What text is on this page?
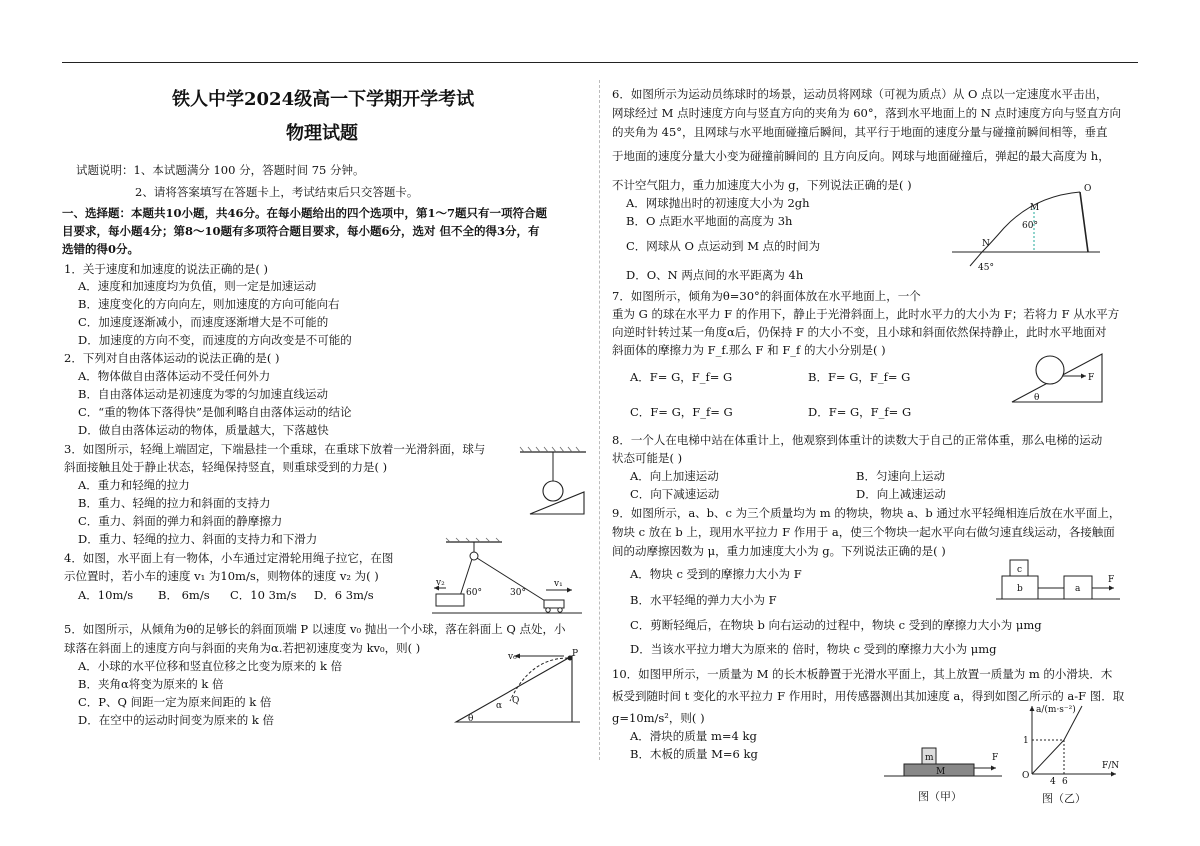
铁人中学2024级高一下学期开学考试
物理试题
试题说明：1、本试题满分 100 分，答题时间 75 分钟。
2、请将答案填写在答题卡上，考试结束后只交答题卡。
一、选择题：本题共10小题，共46分。在每小题给出的四个选项中，第1～7题只有一项符合题
目要求，每小题4分；第8～10题有多项符合题目要求，每小题6分，选对 但不全的得3分，有
选错的得0分。
1．关于速度和加速度的说法正确的是( )
A．速度和加速度均为负值，则一定是加速运动
B．速度变化的方向向左，则加速度的方向可能向右
C．加速度逐渐减小，而速度逐渐增大是不可能的
D．加速度的方向不变，而速度的方向改变是不可能的
2．下列对自由落体运动的说法正确的是( )
A．物体做自由落体运动不受任何外力
B．自由落体运动是初速度为零的匀加速直线运动
C．“重的物体下落得快”是伽利略自由落体运动的结论
D．做自由落体运动的物体，质量越大，下落越快
3．如图所示，轻绳上端固定，下端悬挂一个重球，在重球下放着一光滑斜面，球与
斜面接触且处于静止状态，轻绳保持竖直，则重球受到的力是( )
A．重力和轻绳的拉力
B．重力、轻绳的拉力和斜面的支持力
C．重力、斜面的弹力和斜面的静摩擦力
D．重力、轻绳的拉力、斜面的支持力和下滑力
4．如图，水平面上有一物体，小车通过定滑轮用绳子拉它，在图
示位置时，若小车的速度 v₁ 为10m/s，则物体的速度 v₂ 为( )
A．10m/s B． 6m/s C．10 3m/s D．6 3m/s
v₂	v₁
60°	30°
5．如图所示，从倾角为θ的足够长的斜面顶端 P 以速度 v₀ 抛出一个小球，落在斜面上 Q 点处，小
球落在斜面上的速度方向与斜面的夹角为α.若把初速度变为 kv₀，则( )
A．小球的水平位移和竖直位移之比变为原来的 k 倍
B．夹角α将变为原来的 k 倍
C．P、Q 间距一定为原来间距的 k 倍
D．在空中的运动时间变为原来的 k 倍
v₀	P
Q
α
θ
6．如图所示为运动员练球时的场景，运动员将网球（可视为质点）从 O 点以一定速度水平击出，
网球经过 M 点时速度方向与竖直方向的夹角为 60°，落到水平地面上的 N 点时速度方向与竖直方向
的夹角为 45°，且网球与水平地面碰撞后瞬间，其平行于地面的速度分量与碰撞前瞬间相等，垂直
于地面的速度分量大小变为碰撞前瞬间的 且方向反向。网球与地面碰撞后，弹起的最大高度为 h，
不计空气阻力，重力加速度大小为 g，下列说法正确的是( )
A．网球抛出时的初速度大小为 2gh
B．O 点距水平地面的高度为 3h
C．网球从 O 点运动到 M 点的时间为
D．O、N 两点间的水平距离为 4h
O
M
60°
N
45°
7．如图所示，倾角为θ=30°的斜面体放在水平地面上，一个
重为 G 的球在水平力 F 的作用下，静止于光滑斜面上，此时水平力的大小为 F；若将力 F 从水平方
向逆时针转过某一角度α后，仍保持 F 的大小不变，且小球和斜面依然保持静止，此时水平地面对
斜面体的摩擦力为 F_f.那么 F 和 F_f 的大小分别是( )
A．F= G，F_f= G	B．F= G，F_f= G
C．F= G，F_f= G	D．F= G，F_f= G
F
θ
8．一个人在电梯中站在体重计上，他观察到体重计的读数大于自己的正常体重，那么电梯的运动
状态可能是( )
A．向上加速运动	B．匀速向上运动
C．向下减速运动	D．向上减速运动
9．如图所示，a、b、c 为三个质量均为 m 的物块，物块 a、b 通过水平轻绳相连后放在水平面上，
物块 c 放在 b 上，现用水平拉力 F 作用于 a，使三个物块一起水平向右做匀速直线运动，各接触面
间的动摩擦因数为 μ，重力加速度大小为 g。下列说法正确的是( )
A．物块 c 受到的摩擦力大小为 F
B．水平轻绳的弹力大小为 F
C．剪断轻绳后，在物块 b 向右运动的过程中，物块 c 受到的摩擦力大小为 μmg
D．当该水平拉力增大为原来的 倍时，物块 c 受到的摩擦力大小为 μmg
c
b	a
F
10．如图甲所示，一质量为 M 的长木板静置于光滑水平面上，其上放置一质量为 m 的小滑块．木
板受到随时间 t 变化的水平拉力 F 作用时，用传感器测出其加速度 a，得到如图乙所示的 a-F 图．取
g=10m/s²，则( )
A．滑块的质量 m=4 kg
B．木板的质量 M=6 kg	m
M
F
图（甲）
a/(m·s⁻²)
F/N
1
O
4 6
图（乙）
